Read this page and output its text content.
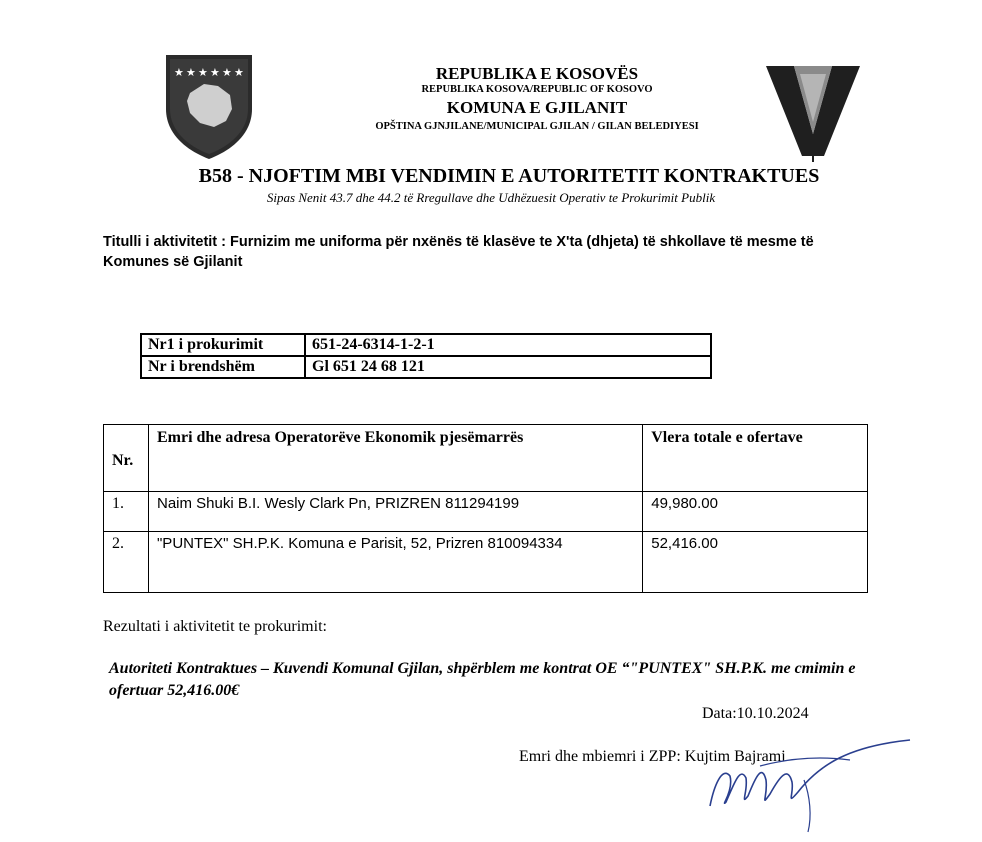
★ ★ ★ ★ ★ ★	REPUBLIKA E KOSOVËS
REPUBLIKA KOSOVA/REPUBLIC OF KOSOVO
KOMUNA E GJILANIT
OPŠTINA GJNJILANE/MUNICIPAL GJILAN / GILAN BELEDIYESI
B58 - NJOFTIM MBI VENDIMIN E AUTORITETIT KONTRAKTUES
Sipas Nenit 43.7 dhe 44.2 të Rregullave dhe Udhëzuesit Operativ te Prokurimit Publik
Titulli i aktivitetit : Furnizim me uniforma për nxënës të klasëve te X'ta (dhjeta) të shkollave të mesme të Komunes së Gjilanit
Nr1 i prokurimit	651-24-6314-1-2-1
Nr i brendshëm	Gl 651 24 68 121
Nr.	Emri dhe adresa Operatorëve Ekonomik pjesëmarrës	Vlera totale e ofertave
1.	Naim Shuki B.I. Wesly Clark Pn, PRIZREN 811294199	49,980.00
2.	"PUNTEX" SH.P.K. Komuna e Parisit, 52, Prizren 810094334	52,416.00
Rezultati i aktivitetit te prokurimit:
Autoriteti Kontraktues – Kuvendi Komunal Gjilan, shpërblem me kontrat OE “"PUNTEX" SH.P.K. me cmimin e ofertuar 52,416.00€
Data:10.10.2024
Emri dhe mbiemri i ZPP: Kujtim Bajrami
